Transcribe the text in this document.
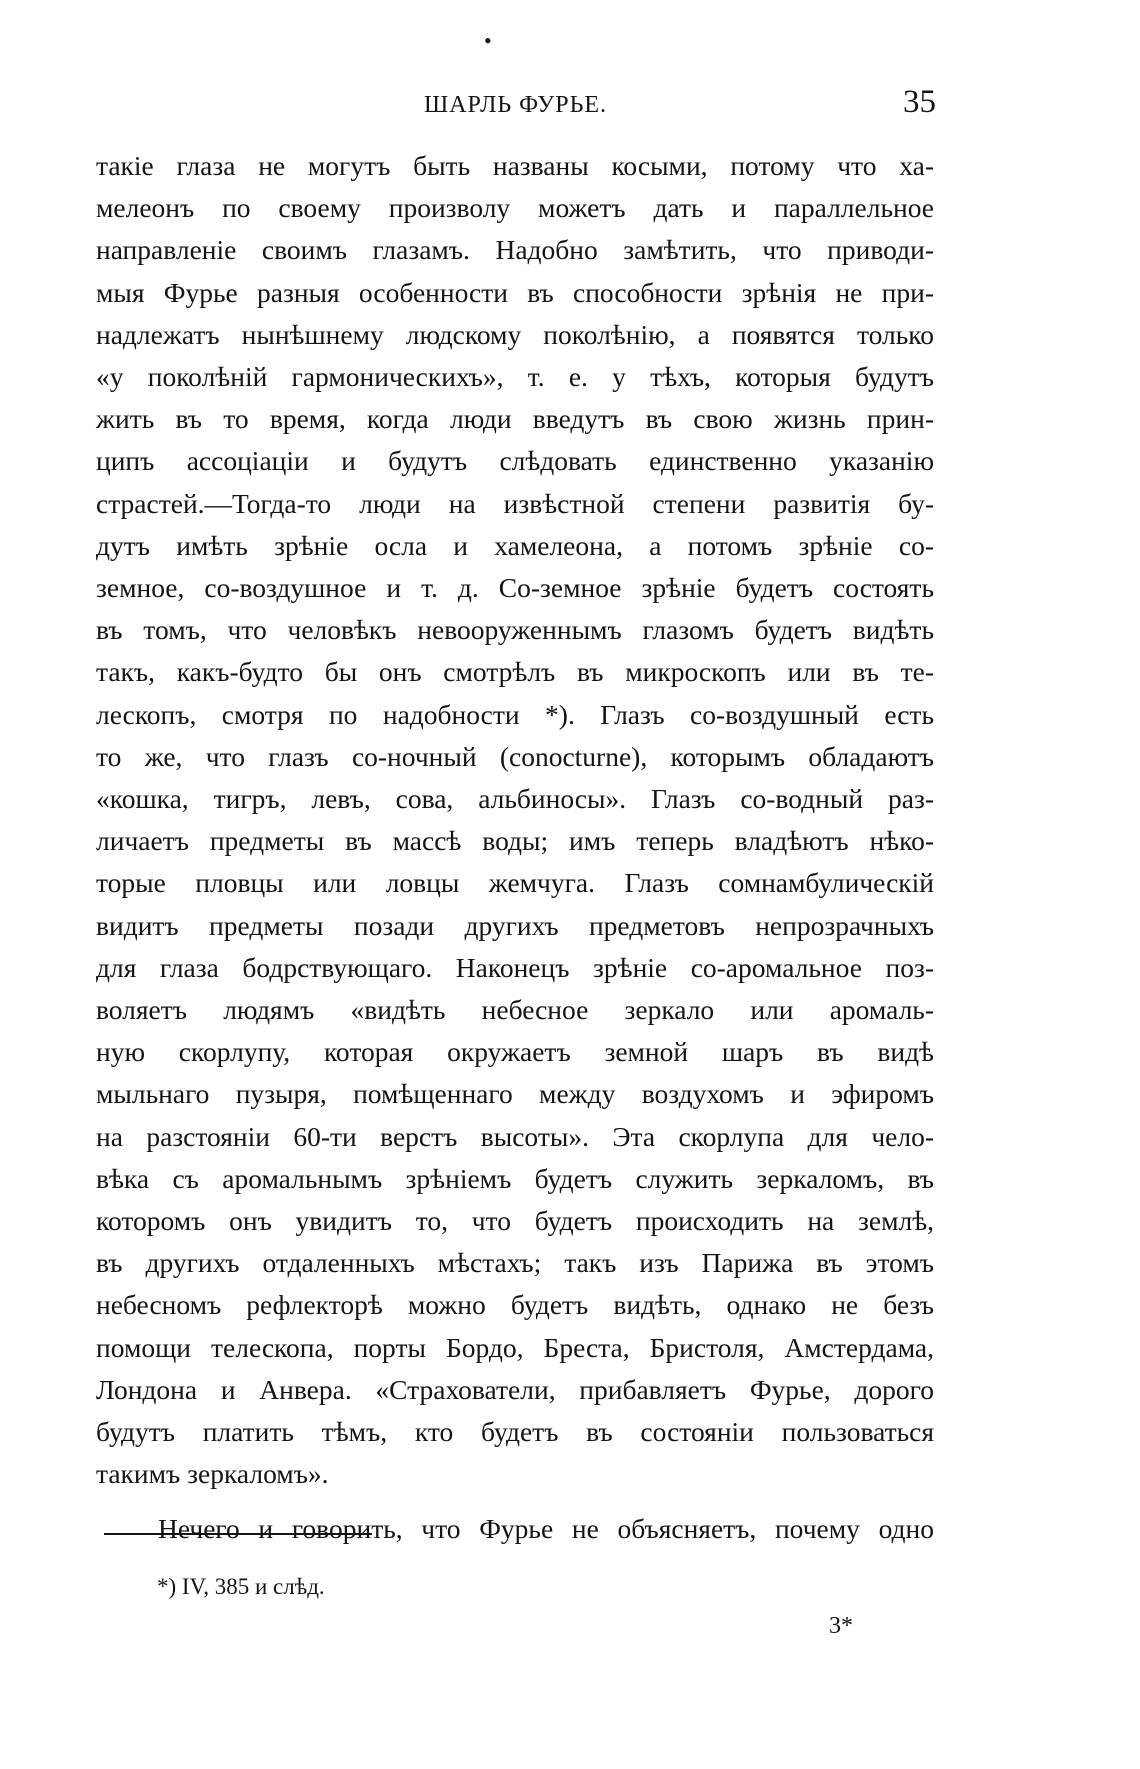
•
ШАРЛЬ ФУРЬЕ.	35
такіе глаза не могутъ быть названы косыми, потому что ха-
мелеонъ по своему произволу можетъ дать и параллельное
направленіе своимъ глазамъ. Надобно замѣтить, что приводи-
мыя Фурье разныя особенности въ способности зрѣнія не при-
надлежатъ нынѣшнему людскому поколѣнію, а появятся только
«у поколѣній гармоническихъ», т. е. у тѣхъ, которыя будутъ
жить въ то время, когда люди введутъ въ свою жизнь прин-
ципъ ассоціаціи и будутъ слѣдовать единственно указанію
страстей.—Тогда-то люди на извѣстной степени развитія бу-
дутъ имѣть зрѣніе осла и хамелеона, а потомъ зрѣніе со-
земное, со-воздушное и т. д. Со-земное зрѣніе будетъ состоять
въ томъ, что человѣкъ невооруженнымъ глазомъ будетъ видѣть
такъ, какъ-будто бы онъ смотрѣлъ въ микроскопъ или въ те-
лескопъ, смотря по надобности *). Глазъ со-воздушный есть
то же, что глазъ со-ночный (conocturne), которымъ обладаютъ
«кошка, тигръ, левъ, сова, альбиносы». Глазъ со-водный раз-
личаетъ предметы въ массѣ воды; имъ теперь владѣютъ нѣко-
торые пловцы или ловцы жемчуга. Глазъ сомнамбулическій
видитъ предметы позади другихъ предметовъ непрозрачныхъ
для глаза бодрствующаго. Наконецъ зрѣніе со-аромальное поз-
воляетъ людямъ «видѣть небесное зеркало или аромаль-
ную скорлупу, которая окружаетъ земной шаръ въ видѣ
мыльнаго пузыря, помѣщеннаго между воздухомъ и эфиромъ
на разстояніи 60-ти верстъ высоты». Эта скорлупа для чело-
вѣка съ аромальнымъ зрѣніемъ будетъ служить зеркаломъ, въ
которомъ онъ увидитъ то, что будетъ происходить на землѣ,
въ другихъ отдаленныхъ мѣстахъ; такъ изъ Парижа въ этомъ
небесномъ рефлекторѣ можно будетъ видѣть, однако не безъ
помощи телескопа, порты Бордо, Бреста, Бристоля, Амстердама,
Лондона и Анвера. «Страхователи, прибавляетъ Фурье, дорого
будутъ платить тѣмъ, кто будетъ въ состояніи пользоваться
такимъ зеркаломъ».
Нечего и говорить, что Фурье не объясняетъ, почему одно
*) IV, 385 и слѣд.
3*
